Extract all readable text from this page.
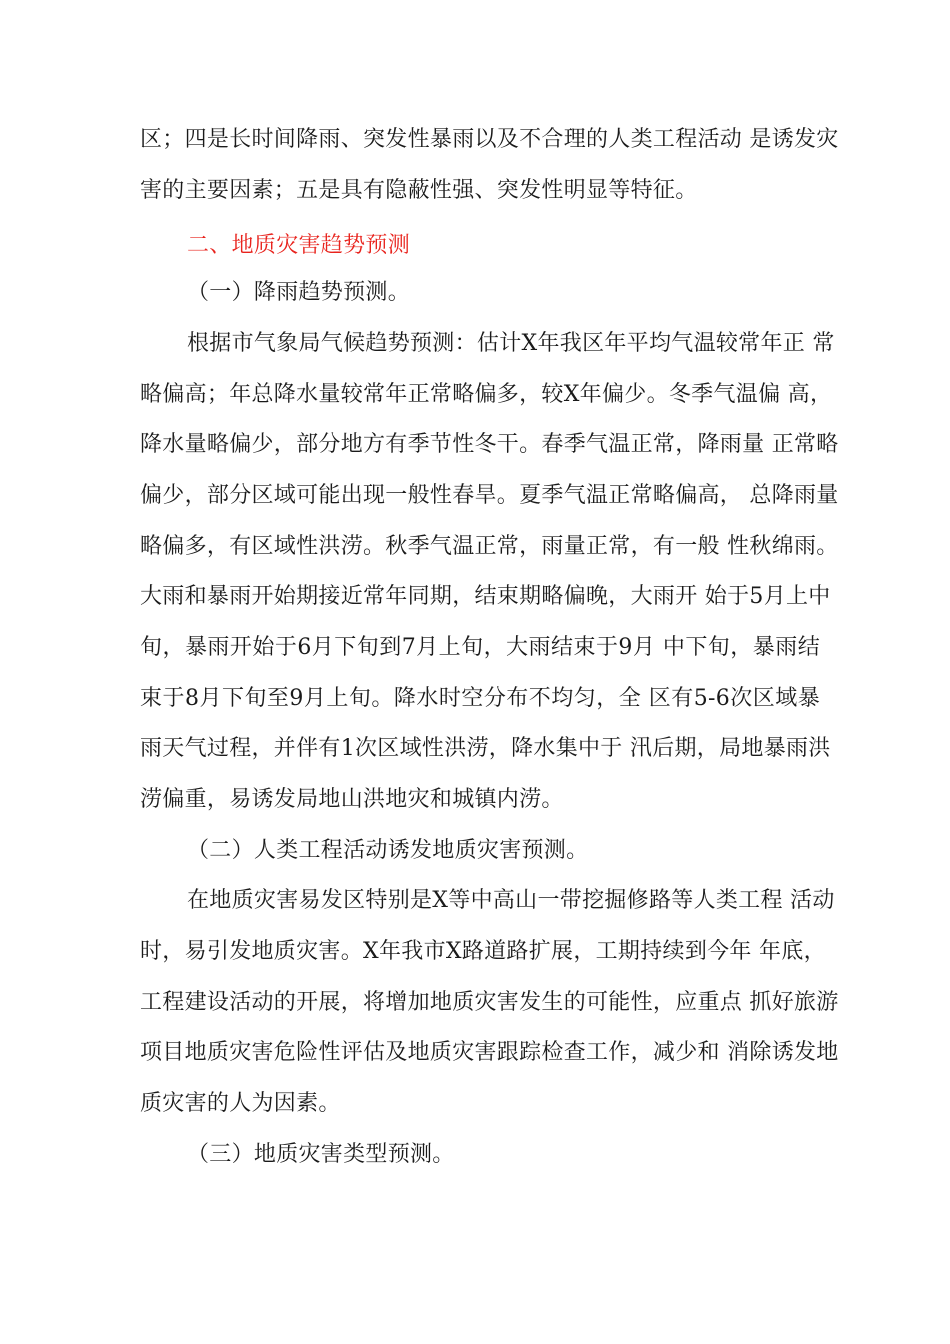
区；四是长时间降雨、突发性暴雨以及不合理的人类工程活动 是诱发灾
害的主要因素；五是具有隐蔽性强、突发性明显等特征。
二、地质灾害趋势预测
（一）降雨趋势预测。
根据市气象局气候趋势预测：估计X年我区年平均气温较常年正 常
略偏高；年总降水量较常年正常略偏多，较X年偏少。冬季气温偏 高，
降水量略偏少，部分地方有季节性冬干。春季气温正常，降雨量 正常略
偏少，部分区域可能出现一般性春旱。夏季气温正常略偏高， 总降雨量
略偏多，有区域性洪涝。秋季气温正常，雨量正常，有一般 性秋绵雨。
大雨和暴雨开始期接近常年同期，结束期略偏晚，大雨开 始于5月上中
旬，暴雨开始于6月下旬到7月上旬，大雨结束于9月 中下旬，暴雨结
束于8月下旬至9月上旬。降水时空分布不均匀，全 区有5-6次区域暴
雨天气过程，并伴有1次区域性洪涝，降水集中于 汛后期，局地暴雨洪
涝偏重，易诱发局地山洪地灾和城镇内涝。
（二）人类工程活动诱发地质灾害预测。
在地质灾害易发区特别是X等中高山一带挖掘修路等人类工程 活动
时，易引发地质灾害。X年我市X路道路扩展，工期持续到今年 年底，
工程建设活动的开展，将增加地质灾害发生的可能性，应重点 抓好旅游
项目地质灾害危险性评估及地质灾害跟踪检查工作，减少和 消除诱发地
质灾害的人为因素。
（三）地质灾害类型预测。
